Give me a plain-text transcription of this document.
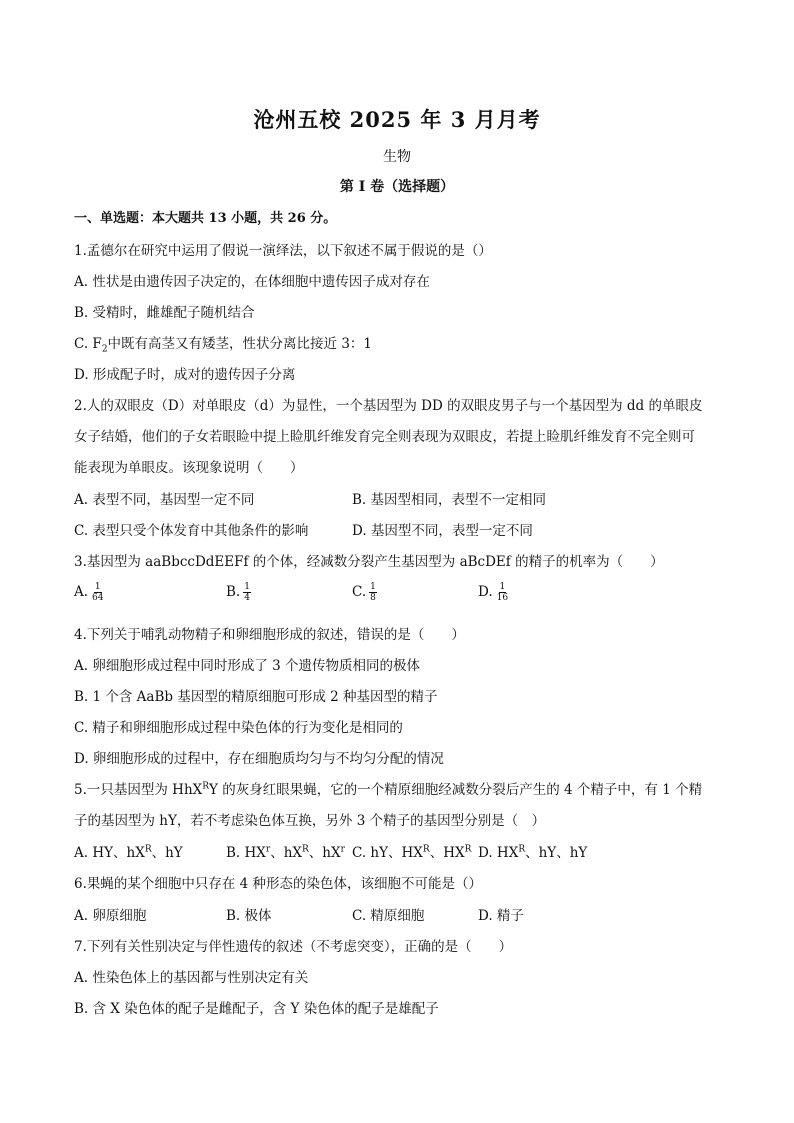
沧州五校 2025 年 3 月月考
生物
第 I 卷（选择题）
一、单选题：本大题共 13 小题，共 26 分。
1.孟德尔在研究中运用了假说一演绎法，以下叙述不属于假说的是（）
A. 性状是由遗传因子决定的，在体细胞中遗传因子成对存在
B. 受精时，雌雄配子随机结合
C. $F_2$中既有高茎又有矮茎，性状分离比接近 3：1
D. 形成配子时，成对的遗传因子分离
2.人的双眼皮（D）对单眼皮（d）为显性，一个基因型为 DD 的双眼皮男子与一个基因型为 dd 的单眼皮
女子结婚，他们的子女若眼睑中提上睑肌纤维发育完全则表现为双眼皮，若提上睑肌纤维发育不完全则可
能表现为单眼皮。该现象说明（　　）
A. 表型不同，基因型一定不同	B. 基因型相同，表型不一定相同
C. 表型只受个体发育中其他条件的影响	D. 基因型不同，表型一定不同
3.基因型为 aaBbccDdEEFf 的个体，经减数分裂产生基因型为 aBcDEf 的精子的机率为（　　）
A. $\frac{1}{64}$	B. $\frac{1}{4}$	C. $\frac{1}{8}$	D. $\frac{1}{16}$
4.下列关于哺乳动物精子和卵细胞形成的叙述，错误的是（　　）
A. 卵细胞形成过程中同时形成了 3 个遗传物质相同的极体
B. 1 个含 AaBb 基因型的精原细胞可形成 2 种基因型的精子
C. 精子和卵细胞形成过程中染色体的行为变化是相同的
D. 卵细胞形成的过程中，存在细胞质均匀与不均匀分配的情况
5.一只基因型为 HhX$^R$Y 的灰身红眼果蝇，它的一个精原细胞经减数分裂后产生的 4 个精子中，有 1 个精
子的基因型为 hY，若不考虑染色体互换，另外 3 个精子的基因型分别是（　）
A. HY、$hX^R$、hY	B. $HX^r$、$hX^R$、$hX^r$ C. hY、$HX^R$、$HX^R$ D. $HX^R$、hY、hY
6.果蝇的某个细胞中只存在 4 种形态的染色体，该细胞不可能是（）
A. 卵原细胞	B. 极体	C. 精原细胞	D. 精子
7.下列有关性别决定与伴性遗传的叙述（不考虑突变），正确的是（　　）
A. 性染色体上的基因都与性别决定有关
B. 含 X 染色体的配子是雌配子，含 Y 染色体的配子是雄配子
